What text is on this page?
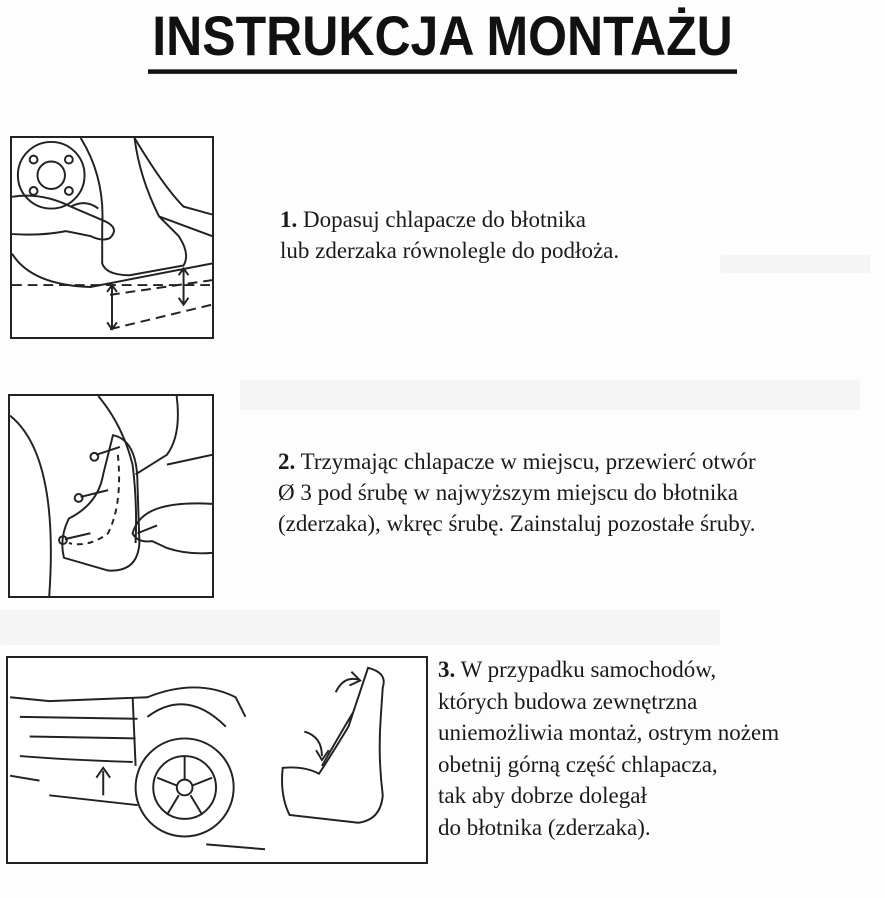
INSTRUKCJA MONTAŻU
1. Dopasuj chlapacze do błotnika
lub zderzaka równolegle do podłoża.
2. Trzymając chlapacze w miejscu, przewierć otwór
Ø 3 pod śrubę w najwyższym miejscu do błotnika
(zderzaka), wkręc śrubę. Zainstaluj pozostałe śruby.
3. W przypadku samochodów,
których budowa zewnętrzna
uniemożliwia montaż, ostrym nożem
obetnij górną część chlapacza,
tak aby dobrze dolegał
do błotnika (zderzaka).
